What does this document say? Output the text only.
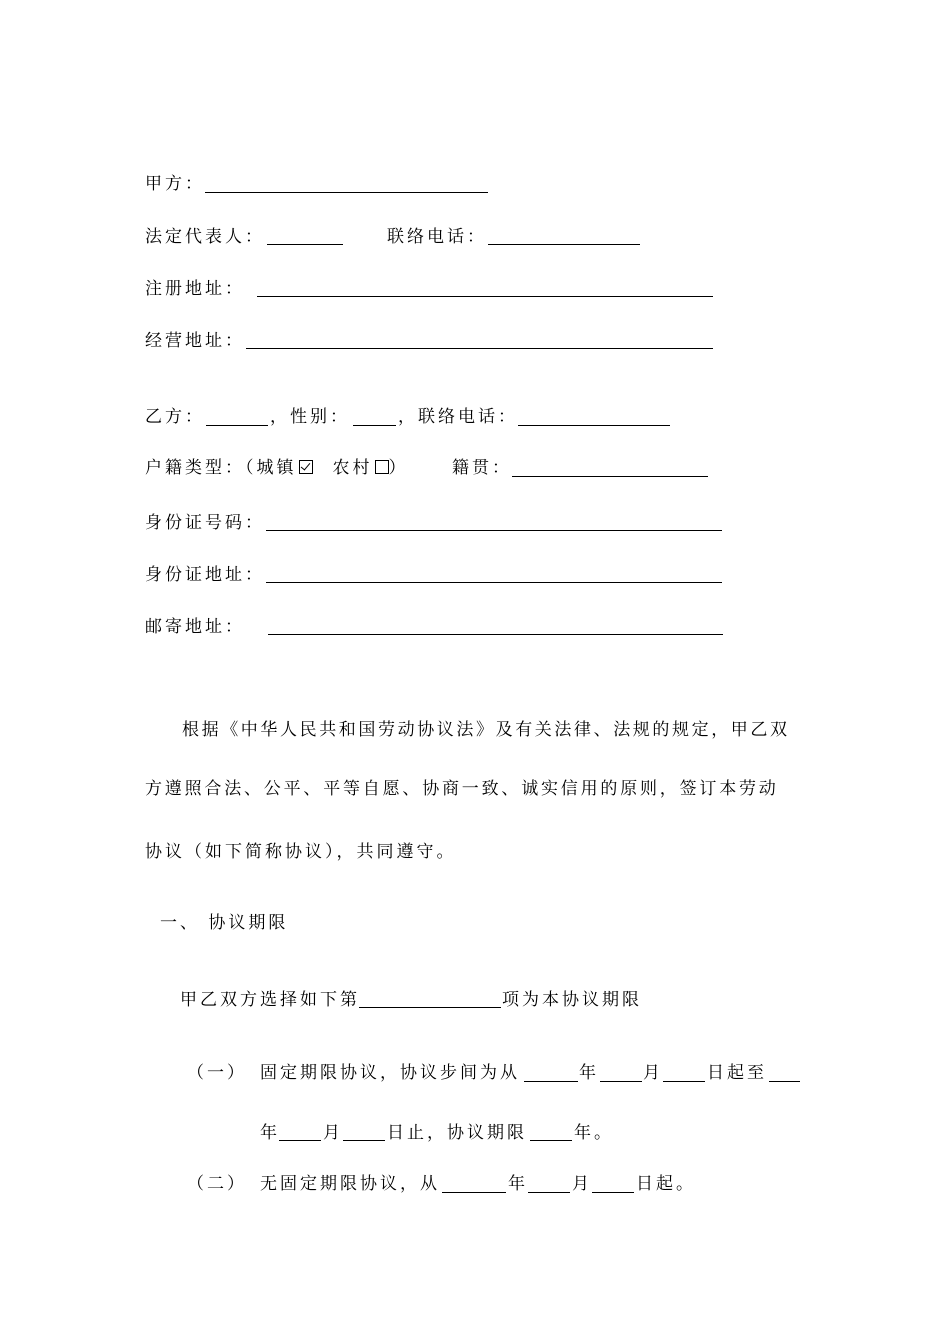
甲方：
法定代表人：	联络电话：
注册地址：
经营地址：
乙方：	，性别：	，联络电话：
户籍类型：（城镇 农村 ）	籍贯：
身份证号码：
身份证地址：
邮寄地址：
根据《中华人民共和国劳动协议法》及有关法律、法规的规定，甲乙双
方遵照合法、公平、平等自愿、协商一致、诚实信用的原则，签订本劳动
协议（如下简称协议），共同遵守。
一、 协议期限
甲乙双方选择如下第	项为本协议期限
（一） 固定期限协议，协议步间为从	年	月	日起至
年	月	日止，协议期限	年。
（二） 无固定期限协议，从	年	月	日起。
